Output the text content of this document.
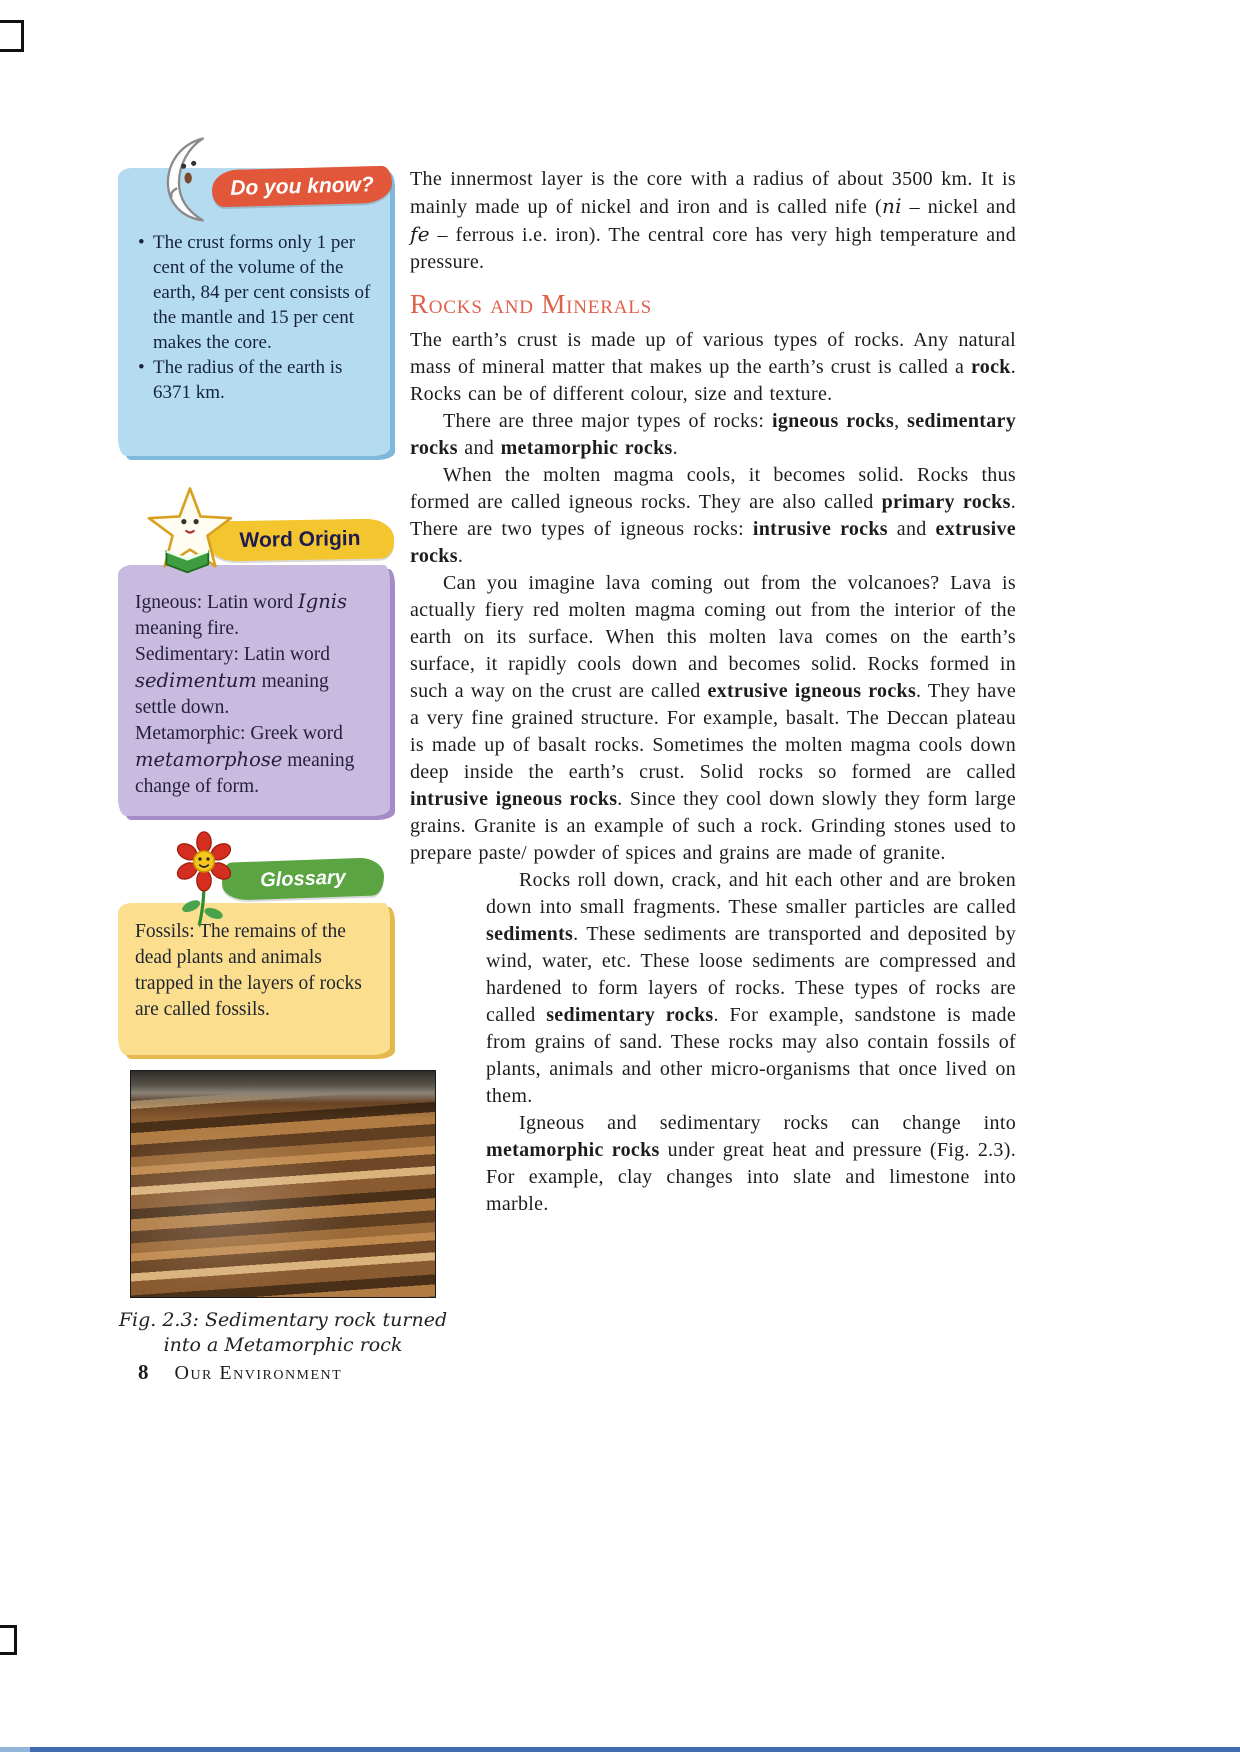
Do you know?
• The crust forms only 1 per cent of the volume of the earth, 84 per cent consists of the mantle and 15 per cent makes the core.
• The radius of the earth is 6371 km.
Word Origin
Igneous: Latin word Ignis meaning fire.
Sedimentary: Latin word sedimentum meaning settle down.
Metamorphic: Greek word metamorphose meaning change of form.
Glossary
Fossils: The remains of the dead plants and animals trapped in the layers of rocks are called fossils.
Fig. 2.3: Sedimentary rock turned
into a Metamorphic rock

The innermost layer is the core with a radius of about 3500 km. It is mainly made up of nickel and iron and is called nife (ni – nickel and fe – ferrous i.e. iron). The central core has very high temperature and pressure.

Rocks and Minerals

The earth’s crust is made up of various types of rocks. Any natural mass of mineral matter that makes up the earth’s crust is called a rock. Rocks can be of different colour, size and texture.

There are three major types of rocks: igneous rocks, sedimentary rocks and metamorphic rocks.

When the molten magma cools, it becomes solid. Rocks thus formed are called igneous rocks. They are also called primary rocks. There are two types of igneous rocks: intrusive rocks and extrusive rocks.

Can you imagine lava coming out from the volcanoes? Lava is actually fiery red molten magma coming out from the interior of the earth on its surface. When this molten lava comes on the earth’s surface, it rapidly cools down and becomes solid. Rocks formed in such a way on the crust are called extrusive igneous rocks. They have a very fine grained structure. For example, basalt. The Deccan plateau is made up of basalt rocks. Sometimes the molten magma cools down deep inside the earth’s crust. Solid rocks so formed are called intrusive igneous rocks. Since they cool down slowly they form large grains. Granite is an example of such a rock. Grinding stones used to prepare paste/ powder of spices and grains are made of granite.

Rocks roll down, crack, and hit each other and are broken down into small fragments. These smaller particles are called sediments. These sediments are transported and deposited by wind, water, etc. These loose sediments are compressed and hardened to form layers of rocks. These types of rocks are called sedimentary rocks. For example, sandstone is made from grains of sand. These rocks may also contain fossils of plants, animals and other micro-organisms that once lived on them.

Igneous and sedimentary rocks can change into metamorphic rocks under great heat and pressure (Fig. 2.3). For example, clay changes into slate and limestone into marble.

8 Our Environment
